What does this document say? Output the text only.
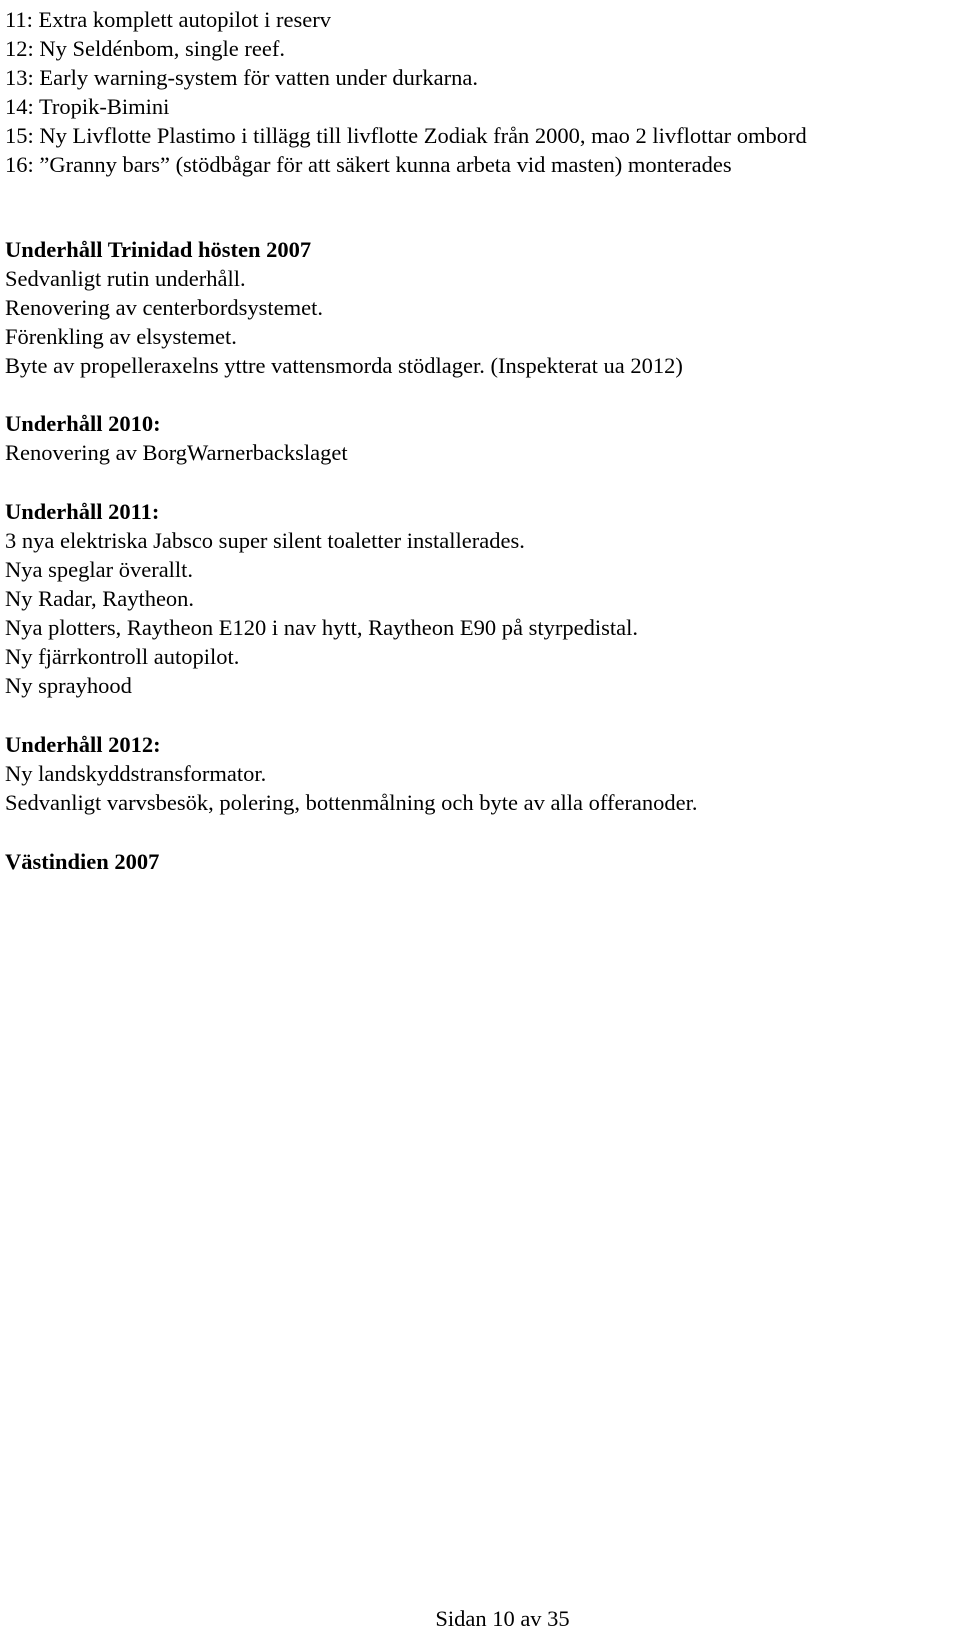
11: Extra komplett autopilot i reserv
12: Ny Seldénbom, single reef.
13: Early warning-system för vatten under durkarna.
14: Tropik-Bimini
15: Ny Livflotte Plastimo i tillägg till livflotte Zodiak från 2000, mao 2 livflottar ombord
16: ”Granny bars” (stödbågar för att säkert kunna arbeta vid masten) monterades
Underhåll Trinidad hösten 2007
Sedvanligt rutin underhåll.
Renovering av centerbordsystemet.
Förenkling av elsystemet.
Byte av propelleraxelns yttre vattensmorda stödlager. (Inspekterat ua 2012)
Underhåll 2010:
Renovering av BorgWarnerbackslaget
Underhåll 2011:
3 nya elektriska Jabsco super silent toaletter installerades.
Nya speglar överallt.
Ny Radar, Raytheon.
Nya plotters, Raytheon E120 i nav hytt, Raytheon E90 på styrpedistal.
Ny fjärrkontroll autopilot.
Ny sprayhood
Underhåll 2012:
Ny landskyddstransformator.
Sedvanligt varvsbesök, polering, bottenmålning och byte av alla offeranoder.
Västindien 2007
Sidan 10 av 35
